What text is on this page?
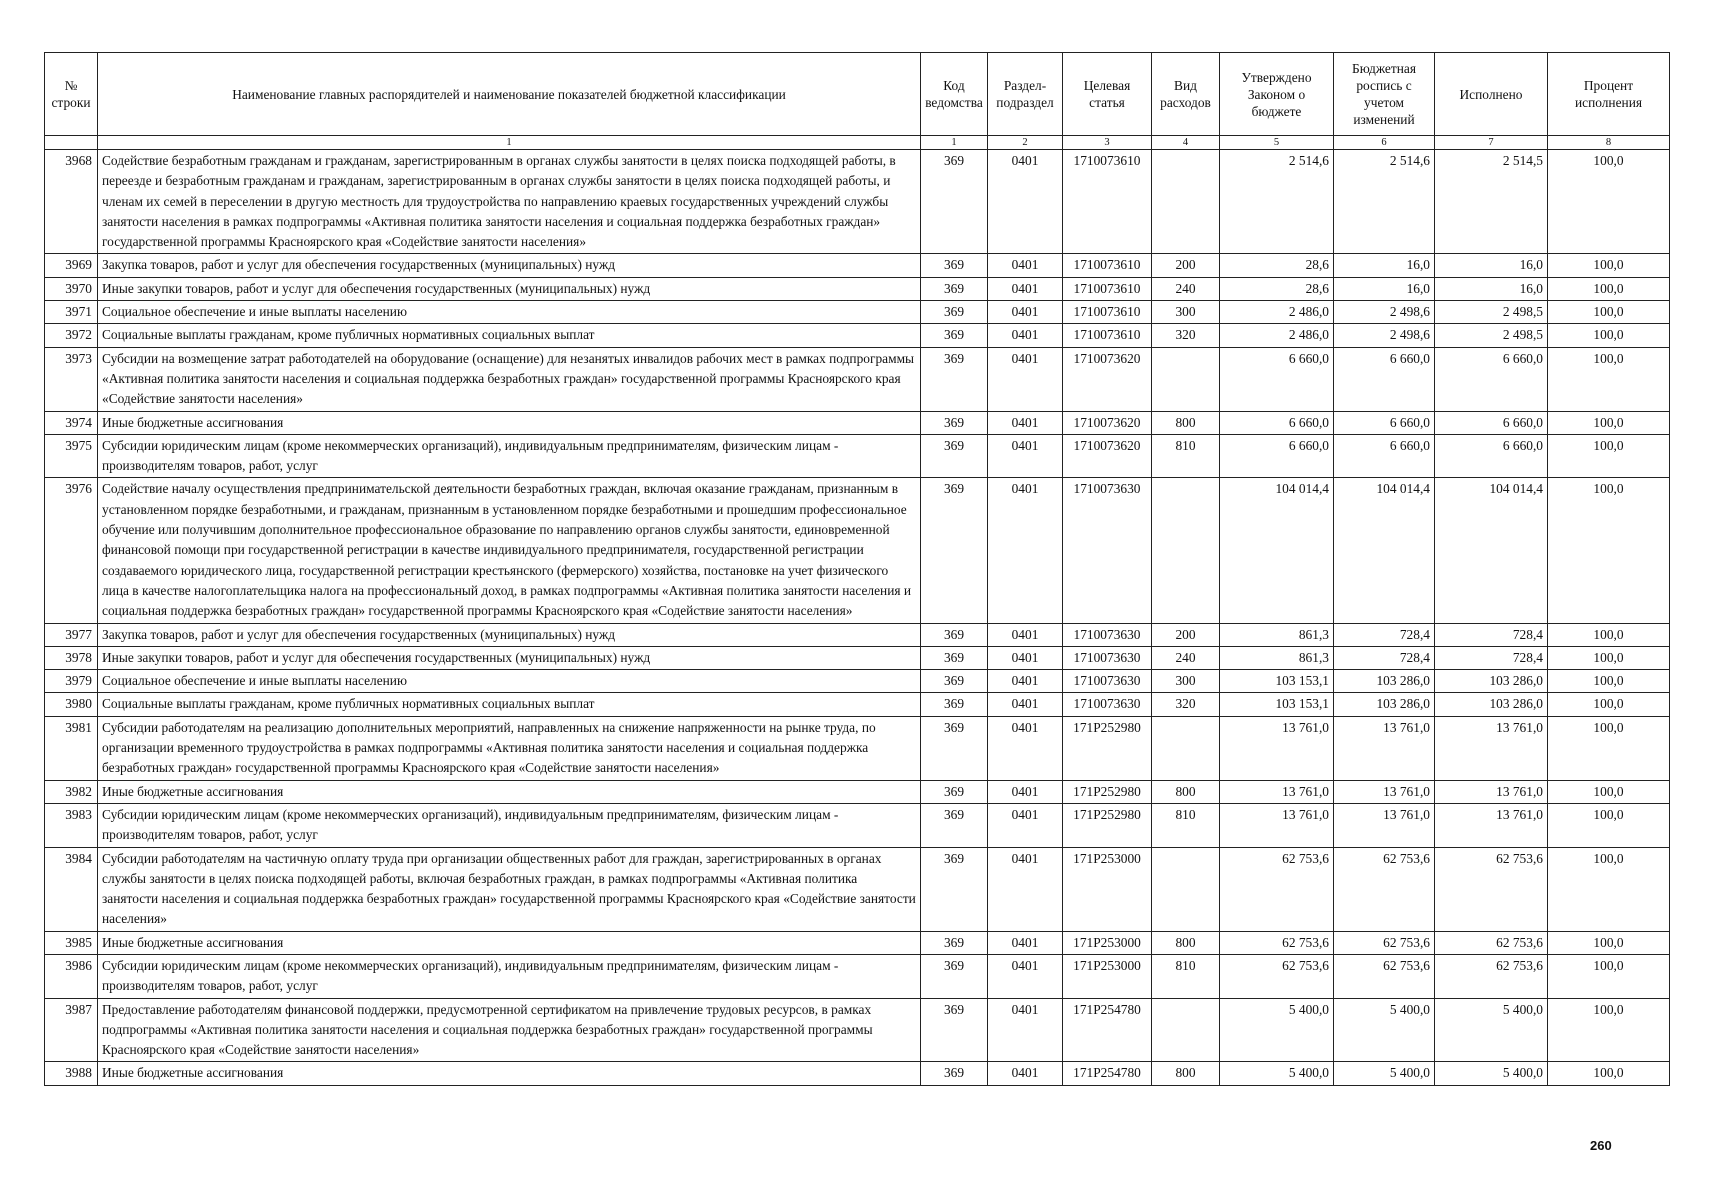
№ строки	Наименование главных распорядителей и наименование показателей бюджетной классификации	Код ведомства	Раздел-подраздел	Целевая статья	Вид расходов	Утверждено Законом о бюджете	Бюджетная роспись с учетом изменений	Исполнено	Процент исполнения
	1	1	2	3	4	5	6	7	8
3968	Содействие безработным гражданам и гражданам, зарегистрированным в органах службы занятости в целях поиска подходящей работы, в переезде и безработным гражданам и гражданам, зарегистрированным в органах службы занятости в целях поиска подходящей работы, и членам их семей в переселении в другую местность для трудоустройства по направлению краевых государственных учреждений службы занятости населения в рамках подпрограммы «Активная политика занятости населения и социальная поддержка безработных граждан» государственной программы Красноярского края «Содействие занятости населения»	369	0401	1710073610		2 514,6	2 514,6	2 514,5	100,0
3969	Закупка товаров, работ и услуг для обеспечения государственных (муниципальных) нужд	369	0401	1710073610	200	28,6	16,0	16,0	100,0
3970	Иные закупки товаров, работ и услуг для обеспечения государственных (муниципальных) нужд	369	0401	1710073610	240	28,6	16,0	16,0	100,0
3971	Социальное обеспечение и иные выплаты населению	369	0401	1710073610	300	2 486,0	2 498,6	2 498,5	100,0
3972	Социальные выплаты гражданам, кроме публичных нормативных социальных выплат	369	0401	1710073610	320	2 486,0	2 498,6	2 498,5	100,0
3973	Субсидии на возмещение затрат работодателей на оборудование (оснащение) для незанятых инвалидов рабочих мест в рамках подпрограммы «Активная политика занятости населения и социальная поддержка безработных граждан» государственной программы Красноярского края «Содействие занятости населения»	369	0401	1710073620		6 660,0	6 660,0	6 660,0	100,0
3974	Иные бюджетные ассигнования	369	0401	1710073620	800	6 660,0	6 660,0	6 660,0	100,0
3975	Субсидии юридическим лицам (кроме некоммерческих организаций), индивидуальным предпринимателям, физическим лицам - производителям товаров, работ, услуг	369	0401	1710073620	810	6 660,0	6 660,0	6 660,0	100,0
3976	Содействие началу осуществления предпринимательской деятельности безработных граждан, включая оказание гражданам, признанным в установленном порядке безработными, и гражданам, признанным в установленном порядке безработными и прошедшим профессиональное обучение или получившим дополнительное профессиональное образование по направлению органов службы занятости, единовременной финансовой помощи при государственной регистрации в качестве индивидуального предпринимателя, государственной регистрации создаваемого юридического лица, государственной регистрации крестьянского (фермерского) хозяйства, постановке на учет физического лица в качестве налогоплательщика налога на профессиональный доход, в рамках подпрограммы «Активная политика занятости населения и социальная поддержка безработных граждан» государственной программы Красноярского края «Содействие занятости населения»	369	0401	1710073630		104 014,4	104 014,4	104 014,4	100,0
3977	Закупка товаров, работ и услуг для обеспечения государственных (муниципальных) нужд	369	0401	1710073630	200	861,3	728,4	728,4	100,0
3978	Иные закупки товаров, работ и услуг для обеспечения государственных (муниципальных) нужд	369	0401	1710073630	240	861,3	728,4	728,4	100,0
3979	Социальное обеспечение и иные выплаты населению	369	0401	1710073630	300	103 153,1	103 286,0	103 286,0	100,0
3980	Социальные выплаты гражданам, кроме публичных нормативных социальных выплат	369	0401	1710073630	320	103 153,1	103 286,0	103 286,0	100,0
3981	Субсидии работодателям на реализацию дополнительных мероприятий, направленных на снижение напряженности на рынке труда, по организации временного трудоустройства в рамках подпрограммы «Активная политика занятости населения и социальная поддержка безработных граждан» государственной программы Красноярского края «Содействие занятости населения»	369	0401	171P252980		13 761,0	13 761,0	13 761,0	100,0
3982	Иные бюджетные ассигнования	369	0401	171P252980	800	13 761,0	13 761,0	13 761,0	100,0
3983	Субсидии юридическим лицам (кроме некоммерческих организаций), индивидуальным предпринимателям, физическим лицам - производителям товаров, работ, услуг	369	0401	171P252980	810	13 761,0	13 761,0	13 761,0	100,0
3984	Субсидии работодателям на частичную оплату труда при организации общественных работ для граждан, зарегистрированных в органах службы занятости в целях поиска подходящей работы, включая безработных граждан, в рамках подпрограммы «Активная политика занятости населения и социальная поддержка безработных граждан» государственной программы Красноярского края «Содействие занятости населения»	369	0401	171P253000		62 753,6	62 753,6	62 753,6	100,0
3985	Иные бюджетные ассигнования	369	0401	171P253000	800	62 753,6	62 753,6	62 753,6	100,0
3986	Субсидии юридическим лицам (кроме некоммерческих организаций), индивидуальным предпринимателям, физическим лицам - производителям товаров, работ, услуг	369	0401	171P253000	810	62 753,6	62 753,6	62 753,6	100,0
3987	Предоставление работодателям финансовой поддержки, предусмотренной сертификатом на привлечение трудовых ресурсов, в рамках подпрограммы «Активная политика занятости населения и социальная поддержка безработных граждан» государственной программы Красноярского края «Содействие занятости населения»	369	0401	171P254780		5 400,0	5 400,0	5 400,0	100,0
3988	Иные бюджетные ассигнования	369	0401	171P254780	800	5 400,0	5 400,0	5 400,0	100,0
260
